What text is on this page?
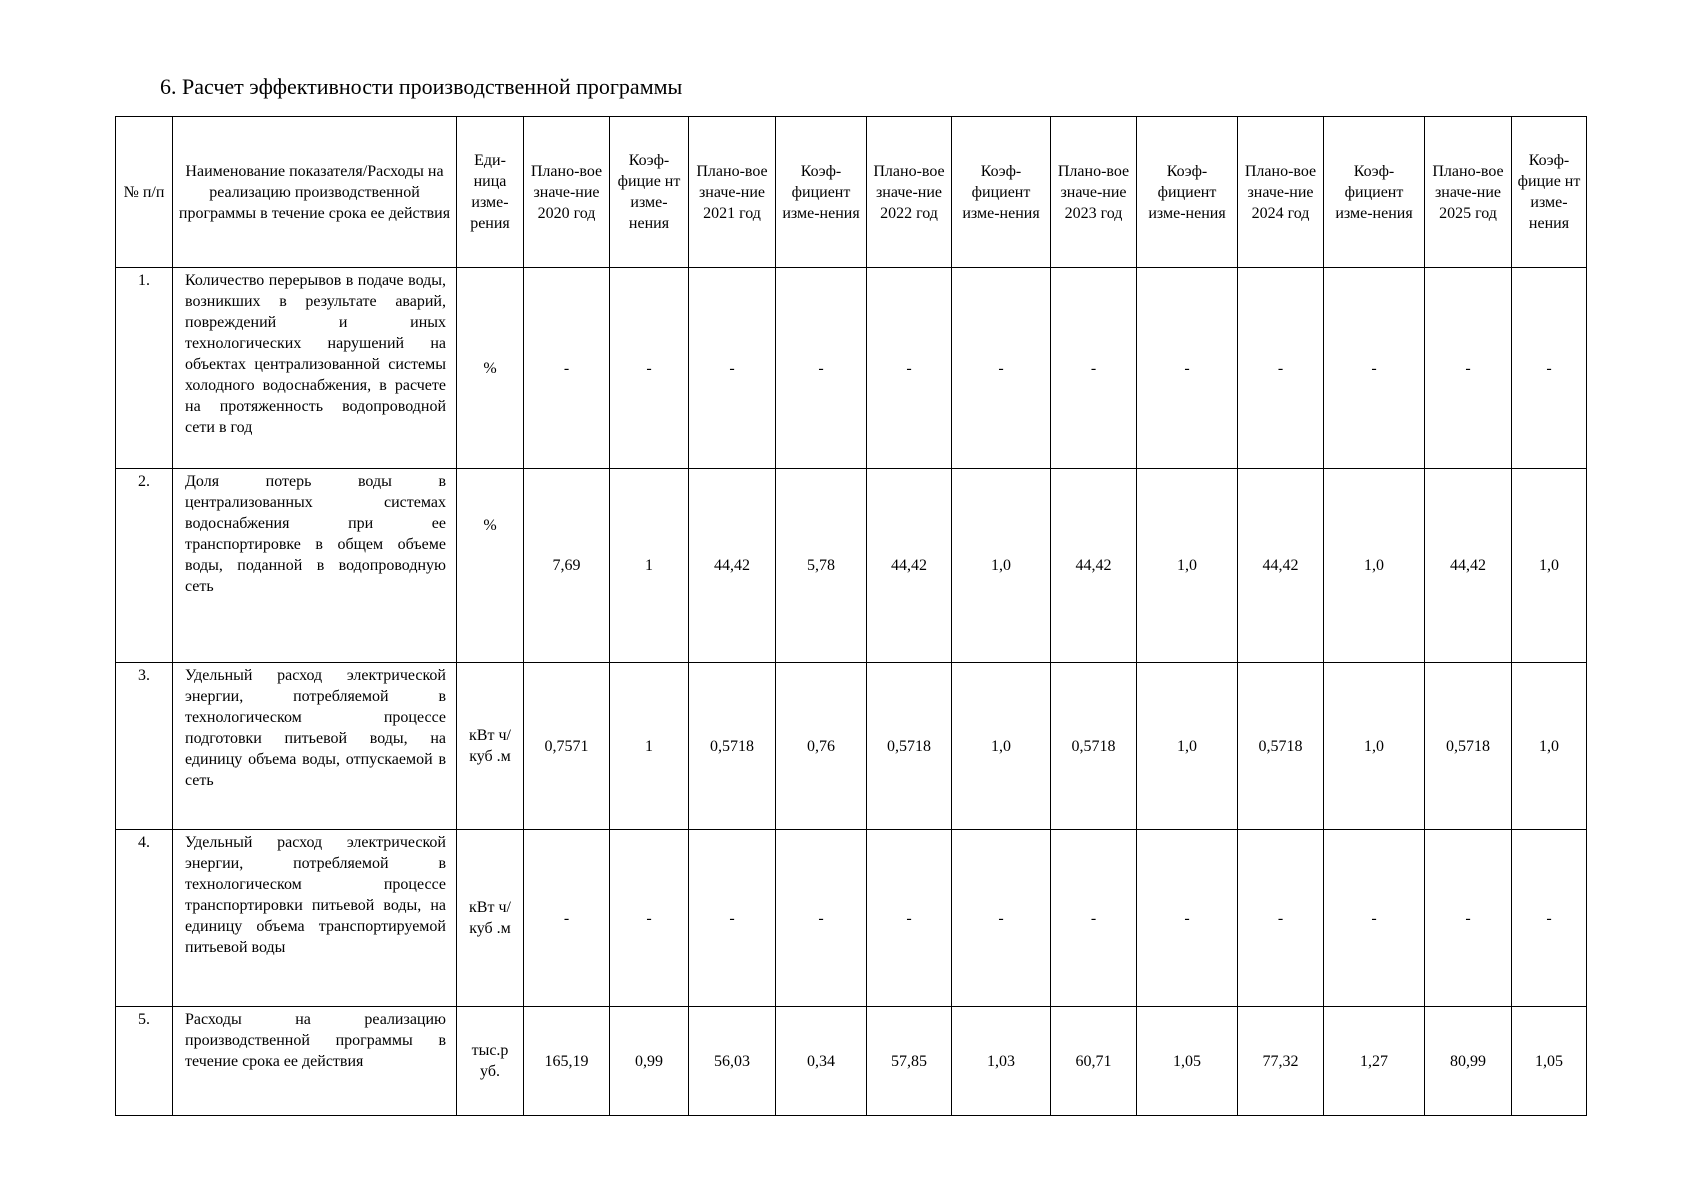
6. Расчет эффективности производственной программы
№ п/п	Наименование показателя/Расходы на реализацию производственной программы в течение срока ее действия	Еди-ница изме-рения	Плано-вое значе-ние 2020 год	Коэф-фицие нт изме-нения	Плано-вое значе-ние 2021 год	Коэф-фициент изме-нения	Плано-вое значе-ние 2022 год	Коэф-фициент изме-нения	Плано-вое значе-ние 2023 год	Коэф-фициент изме-нения	Плано-вое значе-ние 2024 год	Коэф-фициент изме-нения	Плано-вое значе-ние 2025 год	Коэф-фицие нт изме-нения
1.	Количество перерывов в подаче воды, возникших в результате аварий, повреждений и иных технологических нарушений на объектах централизованной системы холодного водоснабжения, в расчете на протяженность водопроводной сети в год	%	-	-	-	-	-	-	-	-	-	-	-	-
2.	Доля потерь воды в централизованных системах водоснабжения при ее транспортировке в общем объеме воды, поданной в водопроводную сеть	%	7,69	1	44,42	5,78	44,42	1,0	44,42	1,0	44,42	1,0	44,42	1,0
3.	Удельный расход электрической энергии, потребляемой в технологическом процессе подготовки питьевой воды, на единицу объема воды, отпускаемой в сеть	кВт ч/куб .м	0,7571	1	0,5718	0,76	0,5718	1,0	0,5718	1,0	0,5718	1,0	0,5718	1,0
4.	Удельный расход электрической энергии, потребляемой в технологическом процессе транспортировки питьевой воды, на единицу объема транспортируемой питьевой воды	кВт ч/куб .м	-	-	-	-	-	-	-	-	-	-	-	-
5.	Расходы на реализацию производственной программы в течение срока ее действия	тыс.р уб.	165,19	0,99	56,03	0,34	57,85	1,03	60,71	1,05	77,32	1,27	80,99	1,05
